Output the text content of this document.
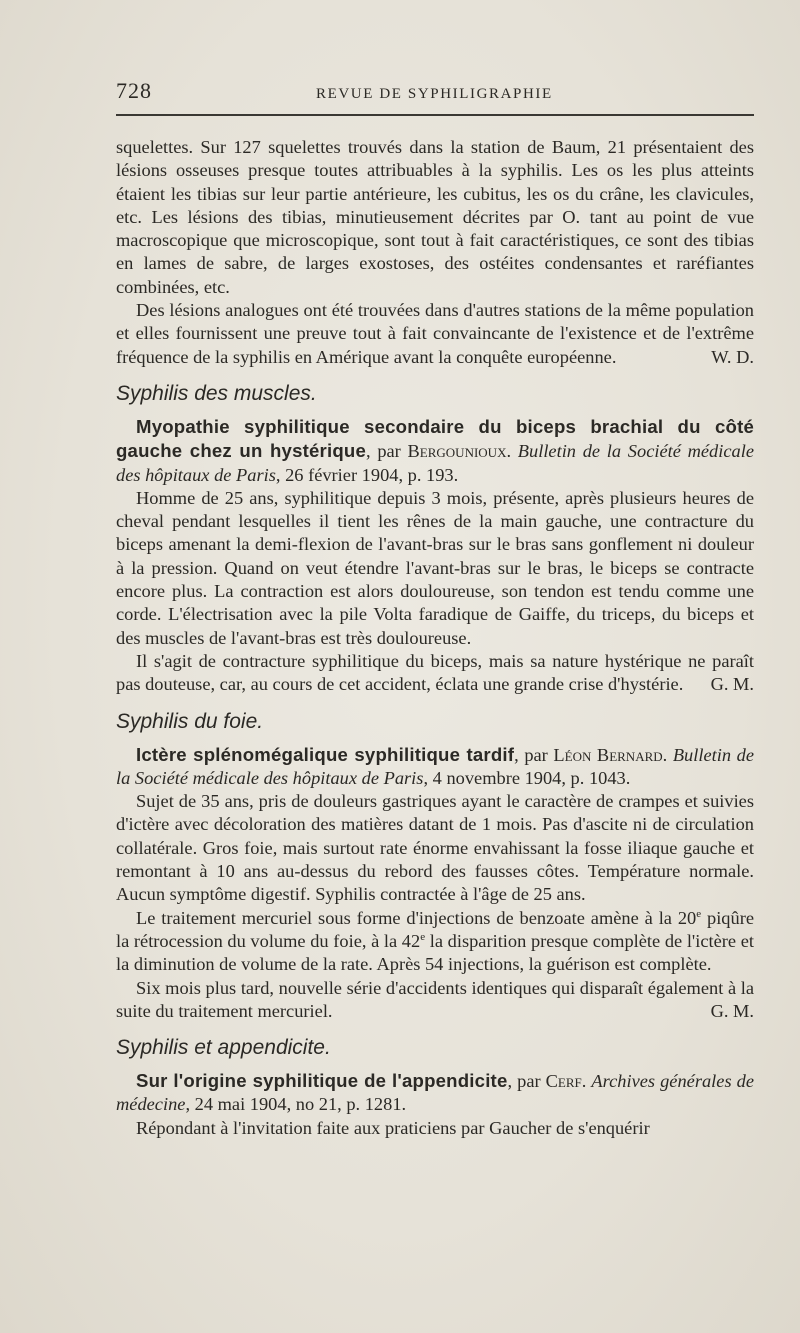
728	REVUE DE SYPHILIGRAPHIE

squelettes. Sur 127 squelettes trouvés dans la station de Baum, 21 présentaient des lésions osseuses presque toutes attribuables à la syphilis. Les os les plus atteints étaient les tibias sur leur partie antérieure, les cubitus, les os du crâne, les clavicules, etc. Les lésions des tibias, minutieusement décrites par O. tant au point de vue macroscopique que microscopique, sont tout à fait caractéristiques, ce sont des tibias en lames de sabre, de larges exostoses, des ostéites condensantes et raréfiantes combinées, etc.

Des lésions analogues ont été trouvées dans d'autres stations de la même population et elles fournissent une preuve tout à fait convaincante de l'existence et de l'extrême fréquence de la syphilis en Amérique avant la conquête européenne.	W. D.

Syphilis des muscles.

Myopathie syphilitique secondaire du biceps brachial du côté gauche chez un hystérique, par Bergounioux. Bulletin de la Société médicale des hôpitaux de Paris, 26 février 1904, p. 193.

Homme de 25 ans, syphilitique depuis 3 mois, présente, après plusieurs heures de cheval pendant lesquelles il tient les rênes de la main gauche, une contracture du biceps amenant la demi-flexion de l'avant-bras sur le bras sans gonflement ni douleur à la pression. Quand on veut étendre l'avant-bras sur le bras, le biceps se contracte encore plus. La contraction est alors douloureuse, son tendon est tendu comme une corde. L'électrisation avec la pile Volta faradique de Gaiffe, du triceps, du biceps et des muscles de l'avant-bras est très douloureuse.

Il s'agit de contracture syphilitique du biceps, mais sa nature hystérique ne paraît pas douteuse, car, au cours de cet accident, éclata une grande crise d'hystérie.	G. M.

Syphilis du foie.

Ictère splénomégalique syphilitique tardif, par Léon Bernard. Bulletin de la Société médicale des hôpitaux de Paris, 4 novembre 1904, p. 1043.

Sujet de 35 ans, pris de douleurs gastriques ayant le caractère de crampes et suivies d'ictère avec décoloration des matières datant de 1 mois. Pas d'ascite ni de circulation collatérale. Gros foie, mais surtout rate énorme envahissant la fosse iliaque gauche et remontant à 10 ans au-dessus du rebord des fausses côtes. Température normale. Aucun symptôme digestif. Syphilis contractée à l'âge de 25 ans.

Le traitement mercuriel sous forme d'injections de benzoate amène à la 20e piqûre la rétrocession du volume du foie, à la 42e la disparition presque complète de l'ictère et la diminution de volume de la rate. Après 54 injections, la guérison est complète.

Six mois plus tard, nouvelle série d'accidents identiques qui disparaît également à la suite du traitement mercuriel.	G. M.

Syphilis et appendicite.

Sur l'origine syphilitique de l'appendicite, par Cerf. Archives générales de médecine, 24 mai 1904, no 21, p. 1281.

Répondant à l'invitation faite aux praticiens par Gaucher de s'enquérir
